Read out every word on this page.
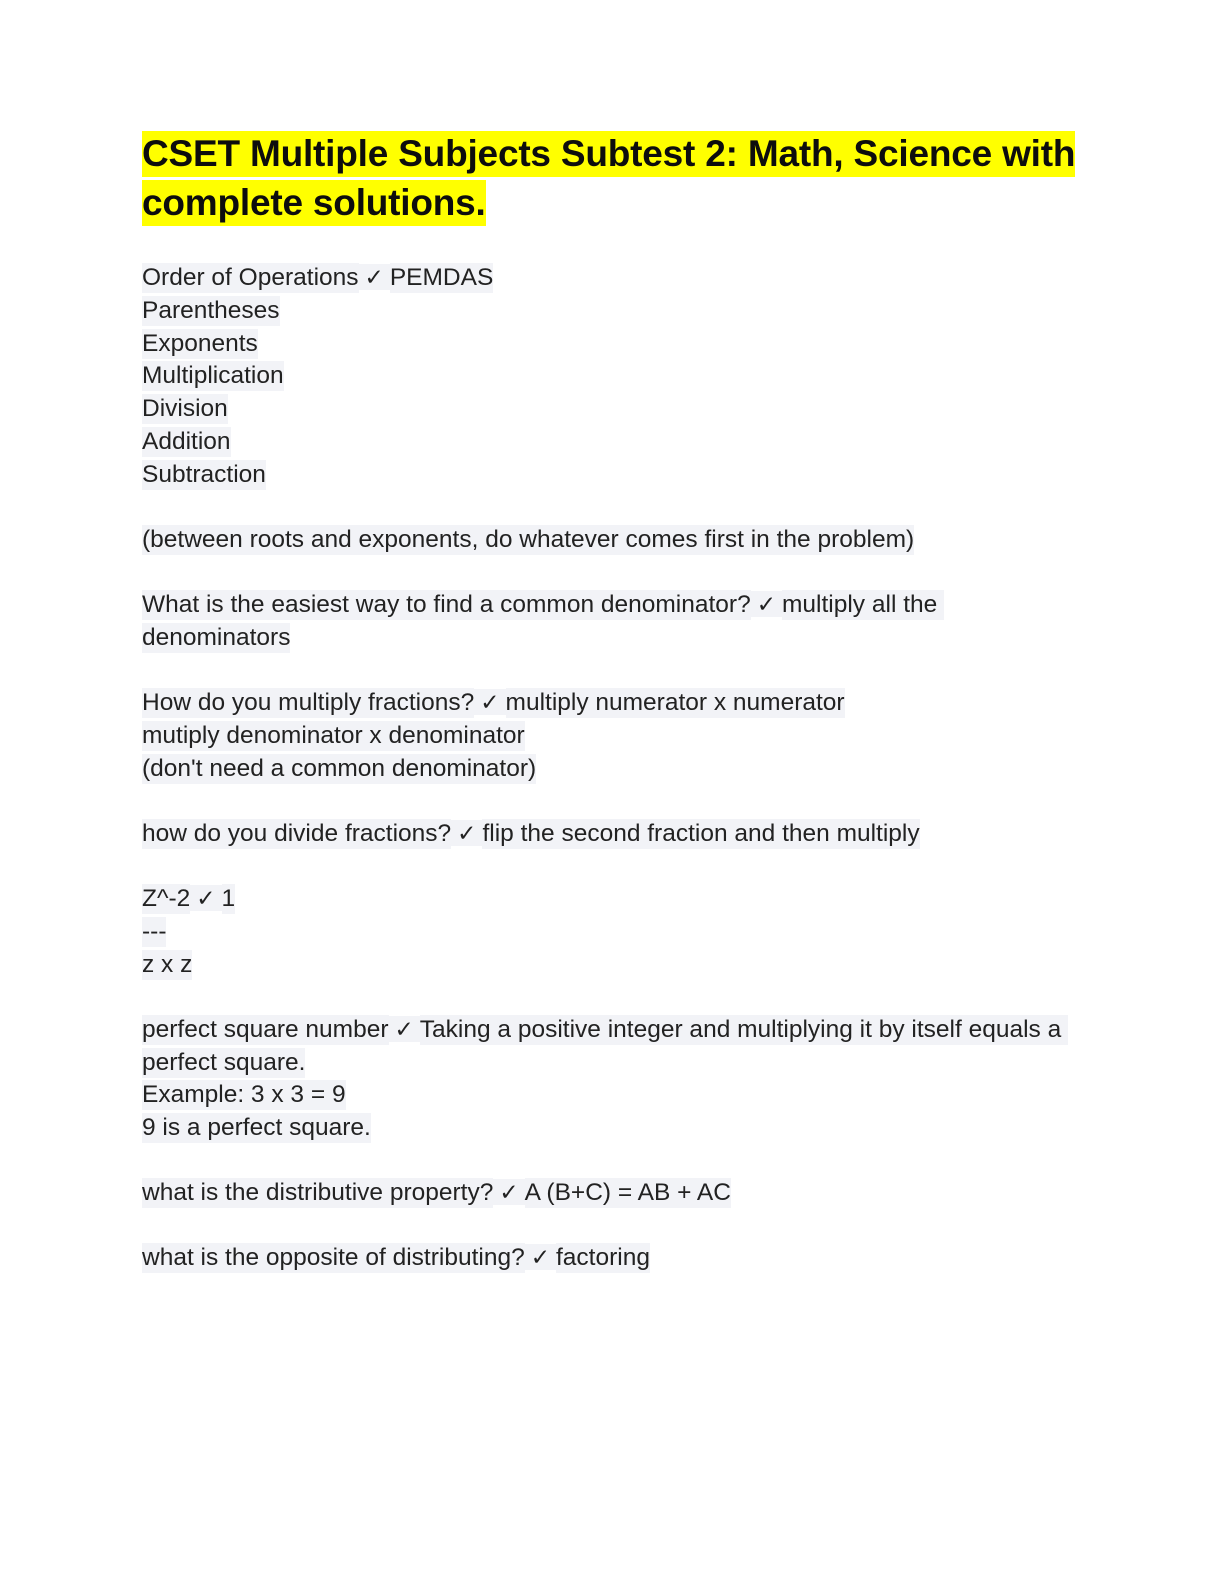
CSET Multiple Subjects Subtest 2: Math, Science with complete solutions.
Order of Operations ✓ PEMDAS
Parentheses
Exponents
Multiplication
Division
Addition
Subtraction
(between roots and exponents, do whatever comes first in the problem)
What is the easiest way to find a common denominator? ✓ multiply all the denominators
How do you multiply fractions? ✓ multiply numerator x numerator
mutiply denominator x denominator
(don't need a common denominator)
how do you divide fractions? ✓ flip the second fraction and then multiply
Z^-2 ✓ 1
---
z x z
perfect square number ✓ Taking a positive integer and multiplying it by itself equals a perfect square.
Example: 3 x 3 = 9
9 is a perfect square.
what is the distributive property? ✓ A (B+C) = AB + AC
what is the opposite of distributing? ✓ factoring
